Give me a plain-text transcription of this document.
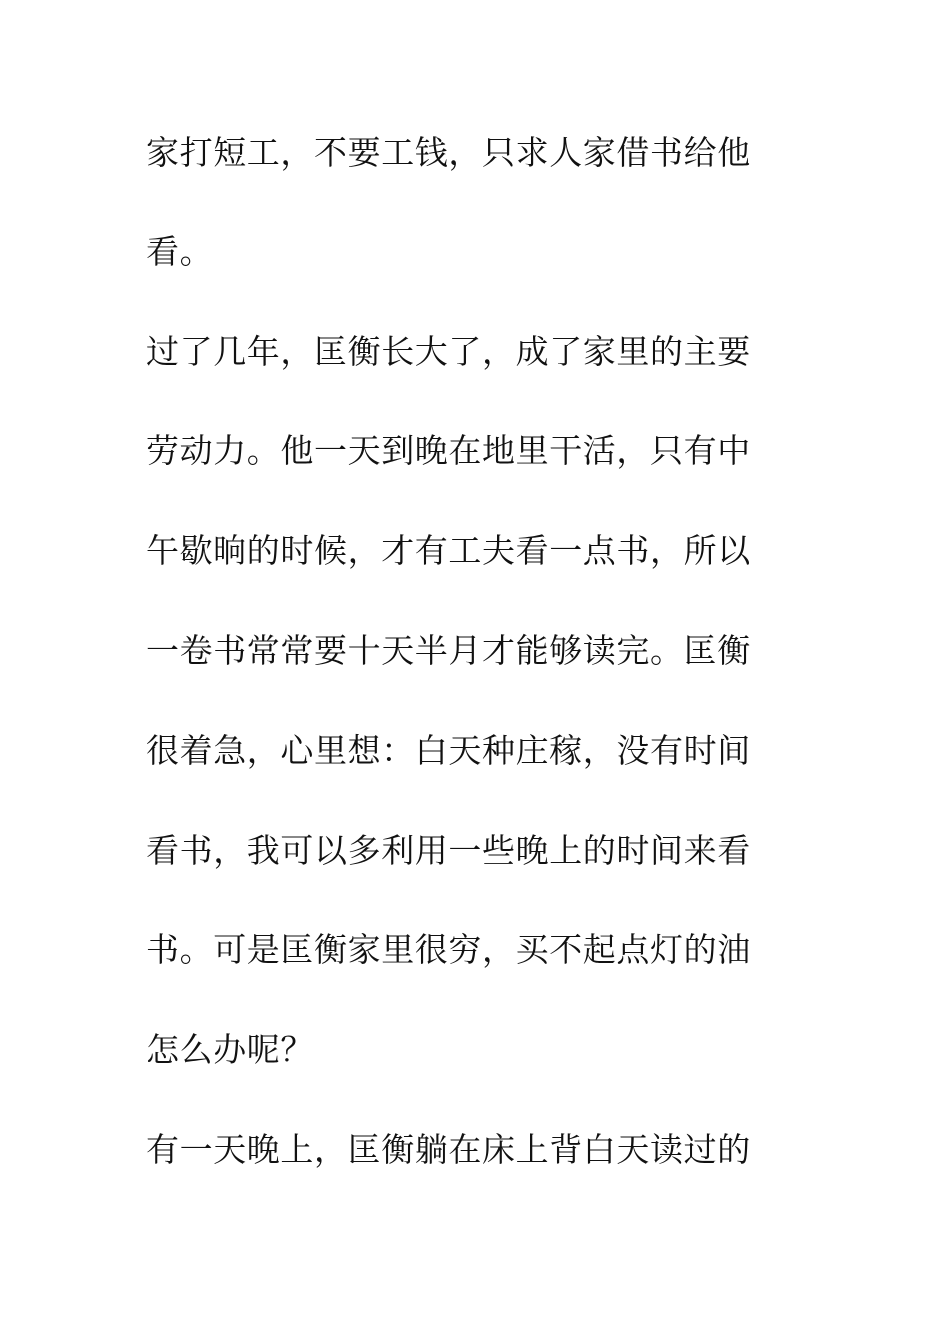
家打短工，不要工钱，只求人家借书给他
看。
过了几年，匡衡长大了，成了家里的主要
劳动力。他一天到晚在地里干活，只有中
午歇晌的时候，才有工夫看一点书，所以
一卷书常常要十天半月才能够读完。匡衡
很着急，心里想：白天种庄稼，没有时间
看书，我可以多利用一些晚上的时间来看
书。可是匡衡家里很穷，买不起点灯的油
怎么办呢？
有一天晚上，匡衡躺在床上背白天读过的
